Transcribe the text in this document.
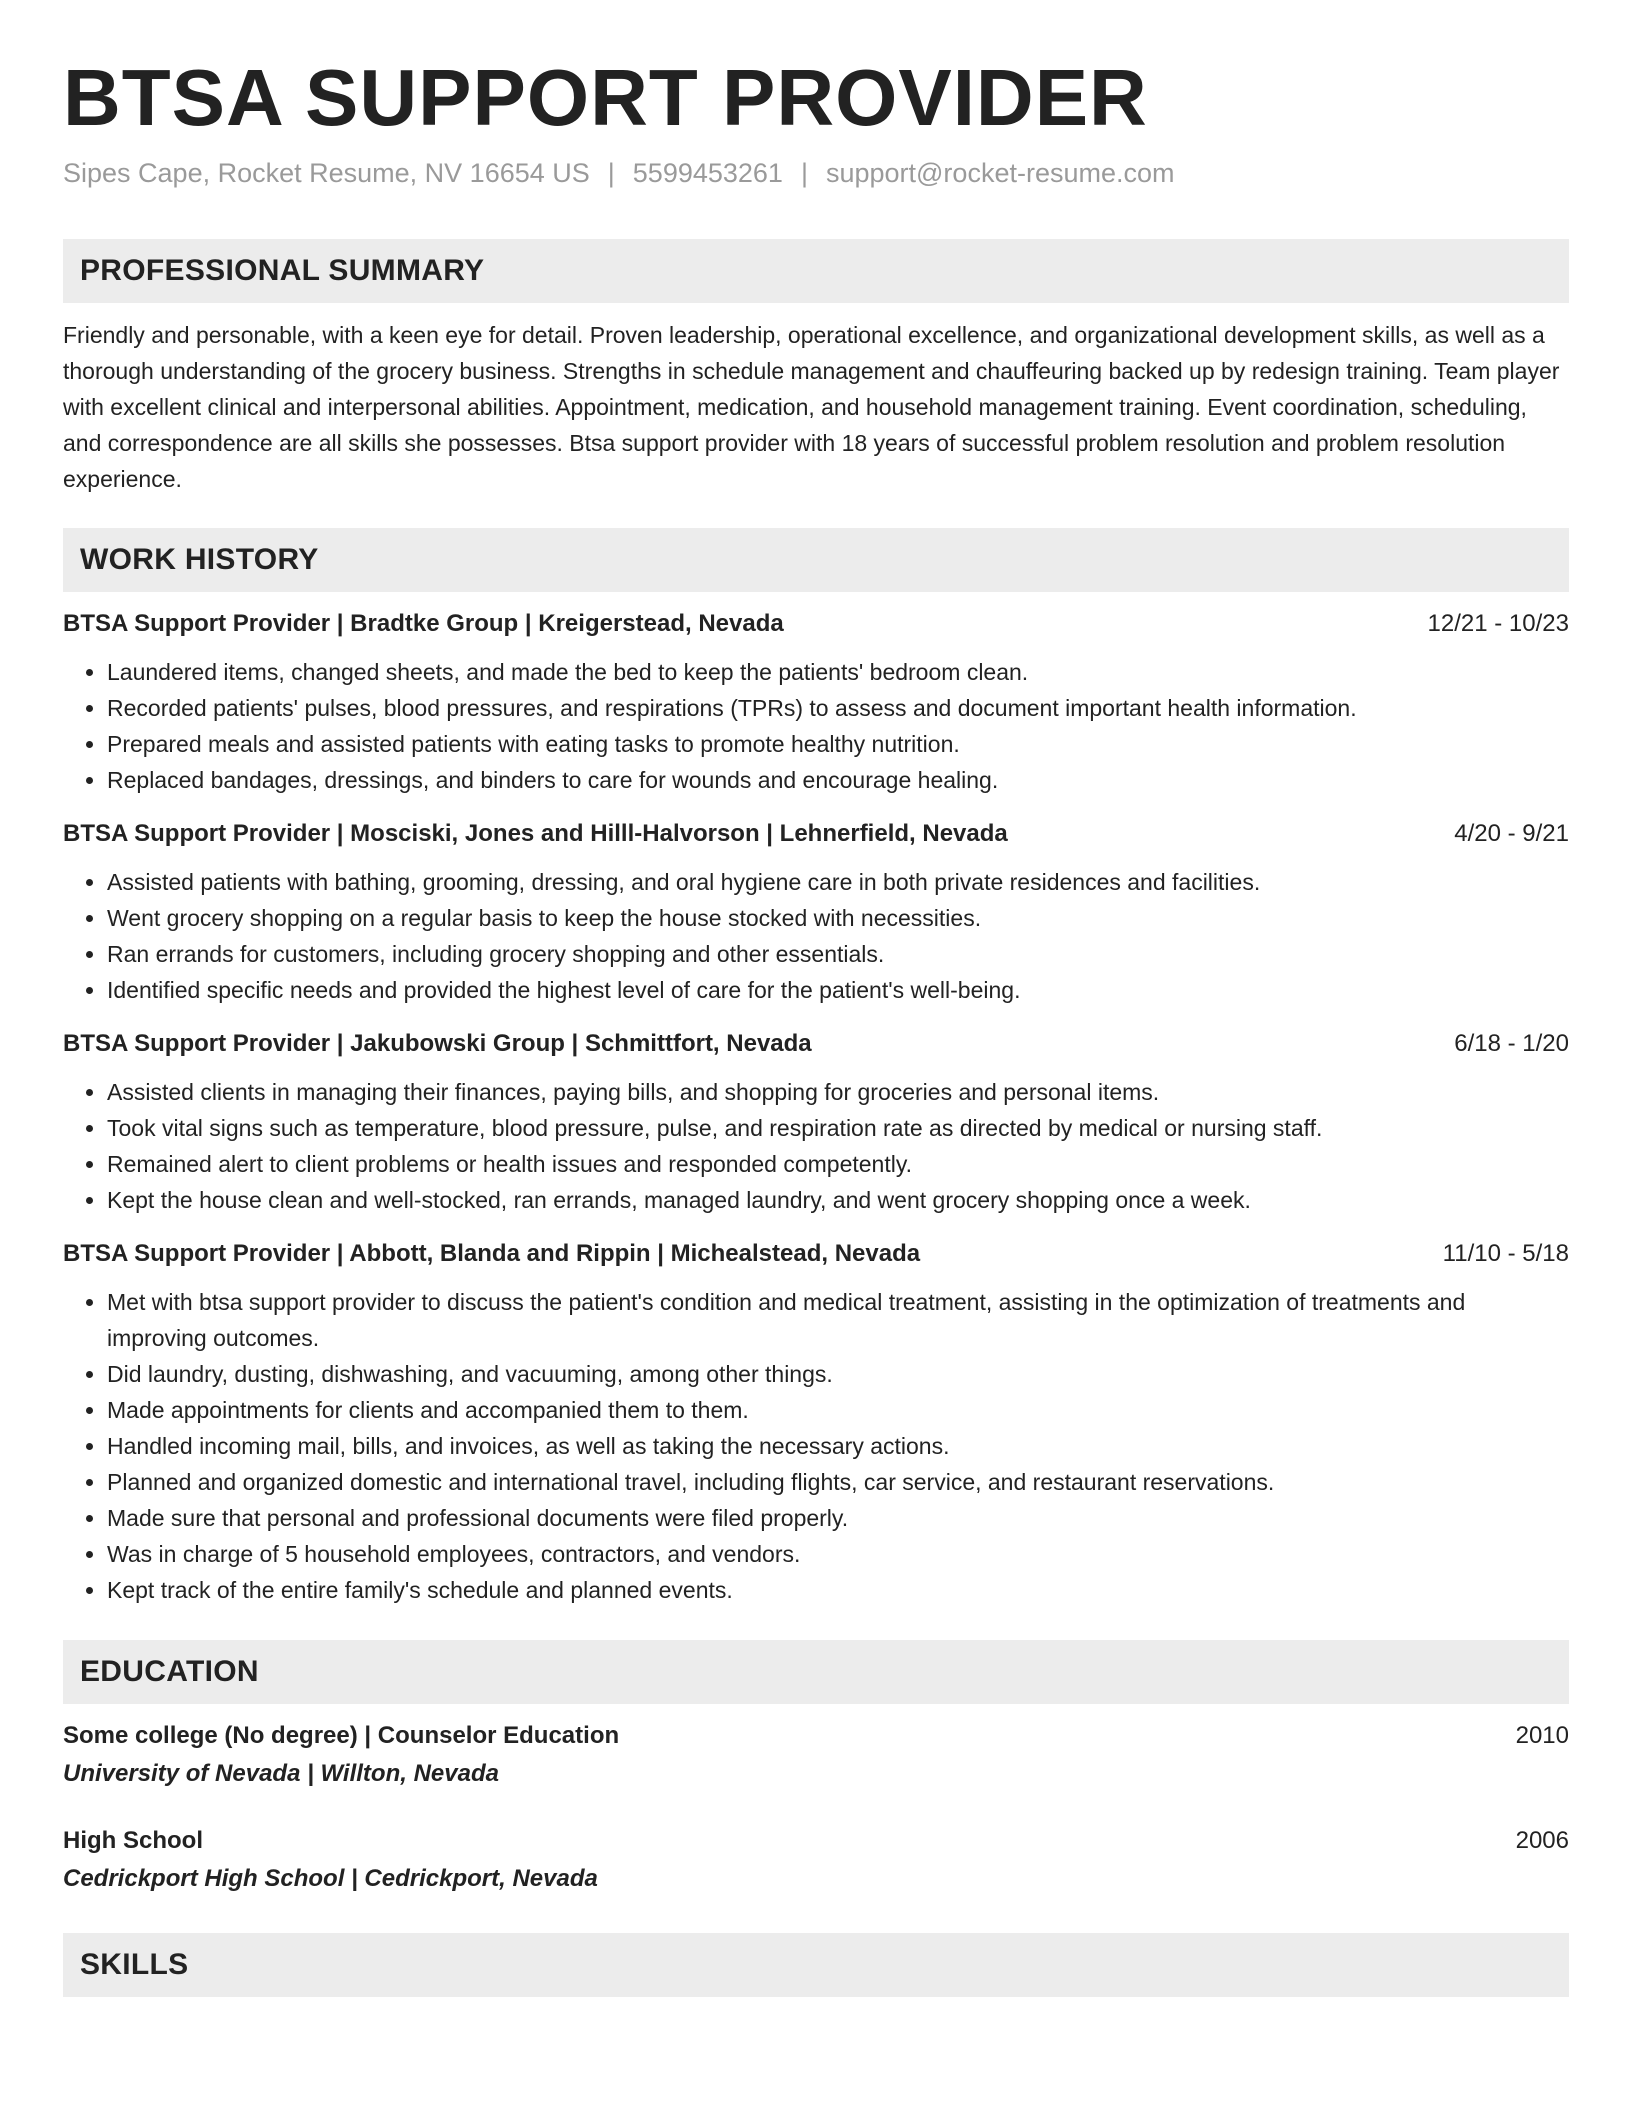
BTSA SUPPORT PROVIDER
Sipes Cape, Rocket Resume, NV 16654 US | 5599453261 | support@rocket-resume.com
PROFESSIONAL SUMMARY

Friendly and personable, with a keen eye for detail. Proven leadership, operational excellence, and organizational development skills, as well as a thorough understanding of the grocery business. Strengths in schedule management and chauffeuring backed up by redesign training. Team player with excellent clinical and interpersonal abilities. Appointment, medication, and household management training. Event coordination, scheduling, and correspondence are all skills she possesses. Btsa support provider with 18 years of successful problem resolution and problem resolution experience.

WORK HISTORY
BTSA Support Provider | Bradtke Group | Kreigerstead, Nevada	12/21 - 10/23
• Laundered items, changed sheets, and made the bed to keep the patients' bedroom clean.
• Recorded patients' pulses, blood pressures, and respirations (TPRs) to assess and document important health information.
• Prepared meals and assisted patients with eating tasks to promote healthy nutrition.
• Replaced bandages, dressings, and binders to care for wounds and encourage healing.
BTSA Support Provider | Mosciski, Jones and Hilll-Halvorson | Lehnerfield, Nevada	4/20 - 9/21
• Assisted patients with bathing, grooming, dressing, and oral hygiene care in both private residences and facilities.
• Went grocery shopping on a regular basis to keep the house stocked with necessities.
• Ran errands for customers, including grocery shopping and other essentials.
• Identified specific needs and provided the highest level of care for the patient's well-being.
BTSA Support Provider | Jakubowski Group | Schmittfort, Nevada	6/18 - 1/20
• Assisted clients in managing their finances, paying bills, and shopping for groceries and personal items.
• Took vital signs such as temperature, blood pressure, pulse, and respiration rate as directed by medical or nursing staff.
• Remained alert to client problems or health issues and responded competently.
• Kept the house clean and well-stocked, ran errands, managed laundry, and went grocery shopping once a week.
BTSA Support Provider | Abbott, Blanda and Rippin | Michealstead, Nevada	11/10 - 5/18
• Met with btsa support provider to discuss the patient's condition and medical treatment, assisting in the optimization of treatments and improving outcomes.
• Did laundry, dusting, dishwashing, and vacuuming, among other things.
• Made appointments for clients and accompanied them to them.
• Handled incoming mail, bills, and invoices, as well as taking the necessary actions.
• Planned and organized domestic and international travel, including flights, car service, and restaurant reservations.
• Made sure that personal and professional documents were filed properly.
• Was in charge of 5 household employees, contractors, and vendors.
• Kept track of the entire family's schedule and planned events.
EDUCATION
Some college (No degree) | Counselor Education	2010
University of Nevada | Willton, Nevada
High School	2006
Cedrickport High School | Cedrickport, Nevada
SKILLS
